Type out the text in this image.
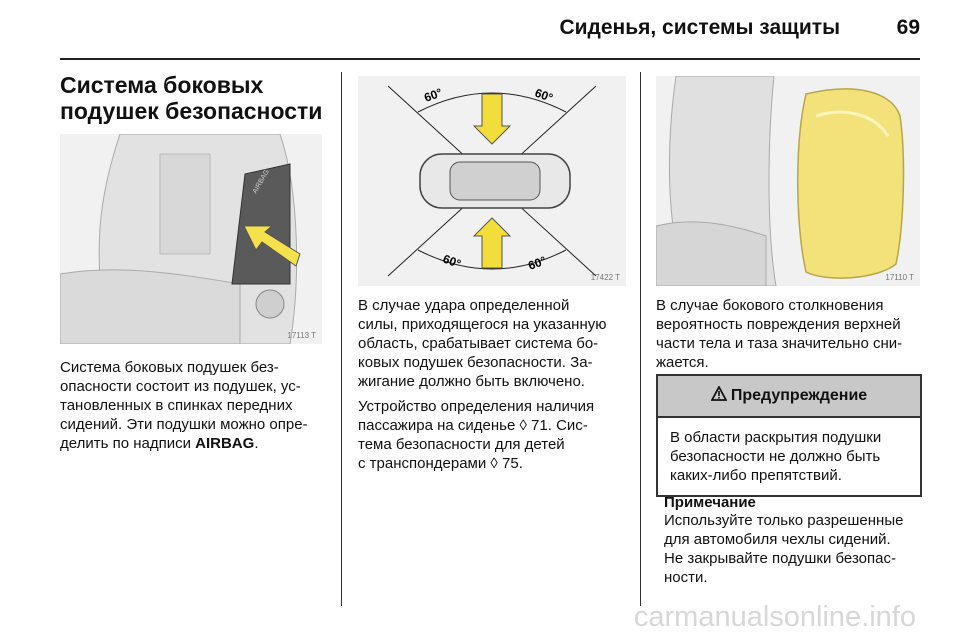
Сиденья, системы защиты	69
Система боковых
подушек безопасности
AIRBAG
17113 T

Система боковых подушек без-
опасности состоит из подушек, ус-
тановленных в спинках передних
сидений. Эти подушки можно опре-
делить по надписи AIRBAG.

60°	60°
60°	60°
17422 T

В случае удара определенной
силы, приходящегося на указанную
область, срабатывает система бо-
ковых подушек безопасности. За-
жигание должно быть включено.

Устройство определения наличия
пассажира на сиденье ◊ 71. Сис-
тема безопасности для детей
с транспондерами ◊ 75.

17110 T

В случае бокового столкновения
вероятность повреждения верхней
части тела и таза значительно сни-
жается.

Предупреждение
В области раскрытия подушки
безопасности не должно быть
каких-либо препятствий.
Примечание

Используйте только разрешенные
для автомобиля чехлы сидений.
Не закрывайте подушки безопас-
ности.

carmanualsonline.info
